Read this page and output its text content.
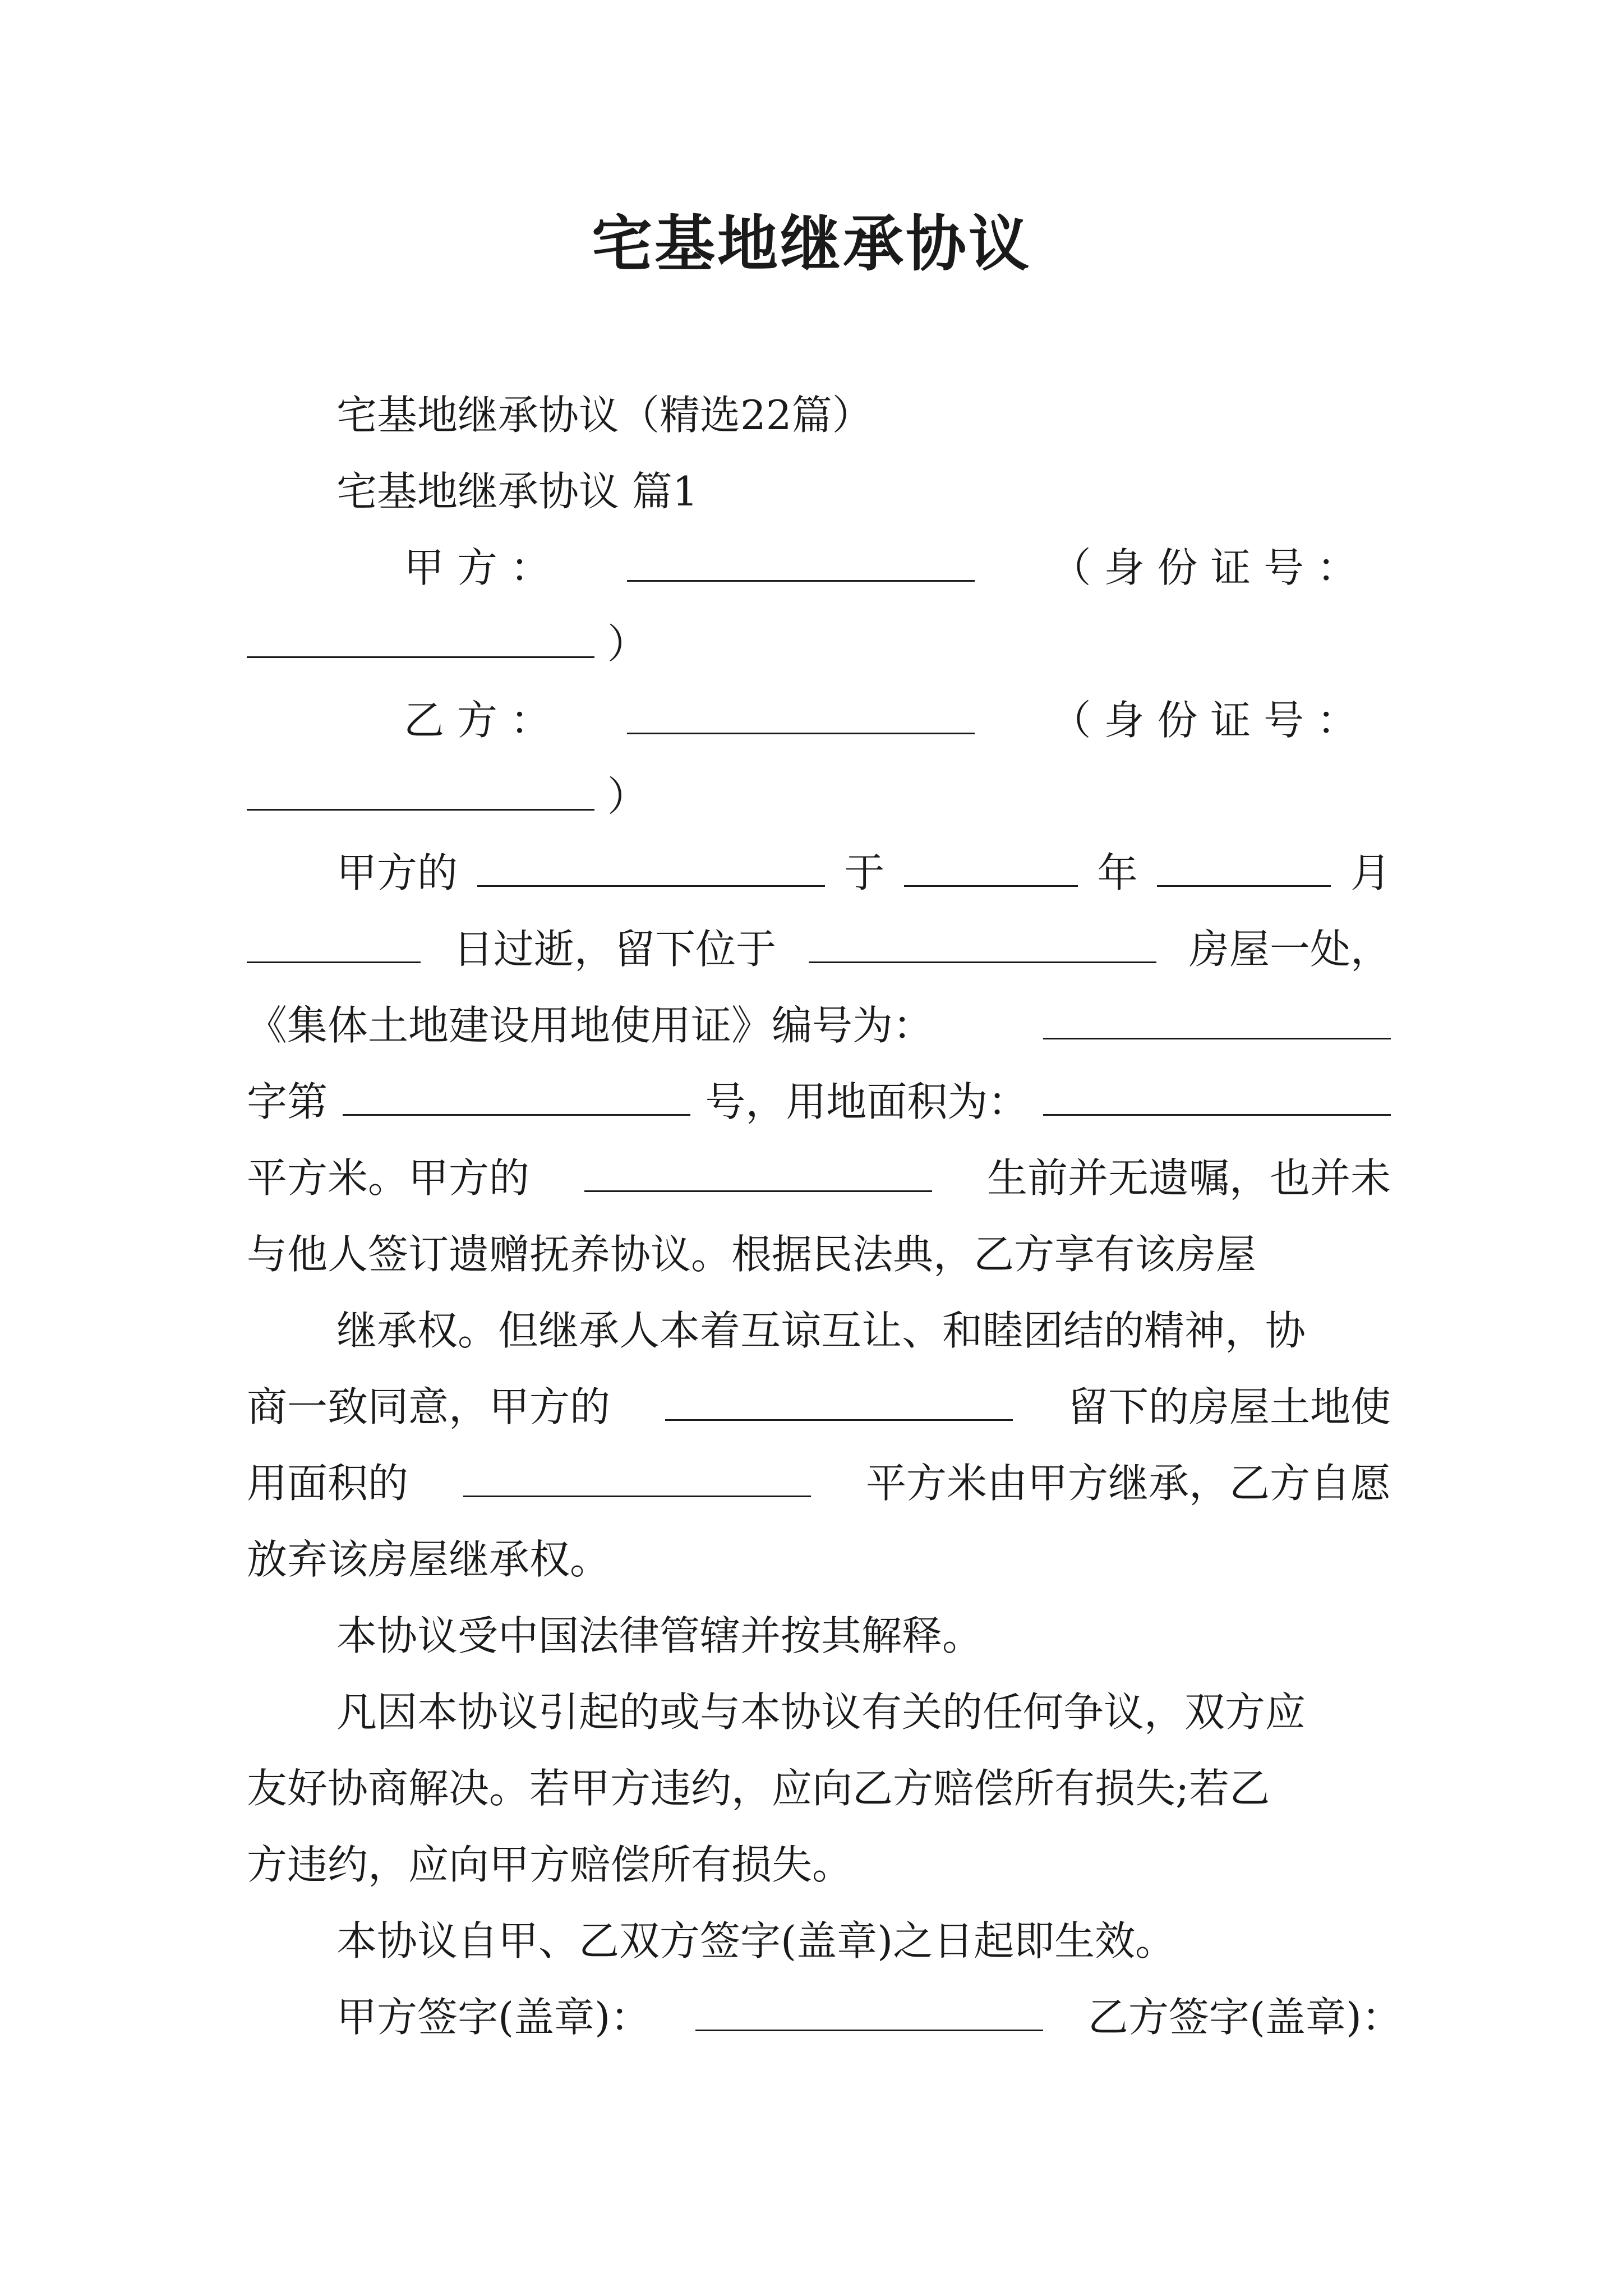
宅基地继承协议
宅基地继承协议（精选22篇）
宅基地继承协议 篇1
甲 方 ：	（ 身 份 证 号 ：
）
乙 方 ：	（ 身 份 证 号 ：
）
甲方的	于	年	月
日过逝，留下位于	房屋一处，
《集体土地建设用地使用证》编号为：
字第	号，用地面积为：
平方米。甲方的	生前并无遗嘱，也并未
与他人签订遗赠抚养协议。根据民法典，乙方享有该房屋
继承权。但继承人本着互谅互让、和睦团结的精神，协
商一致同意，甲方的	留下的房屋土地使
用面积的	平方米由甲方继承，乙方自愿
放弃该房屋继承权。
本协议受中国法律管辖并按其解释。
凡因本协议引起的或与本协议有关的任何争议，双方应
友好协商解决。若甲方违约，应向乙方赔偿所有损失;若乙
方违约，应向甲方赔偿所有损失。
本协议自甲、乙双方签字(盖章)之日起即生效。
甲方签字(盖章)：	乙方签字(盖章)：
